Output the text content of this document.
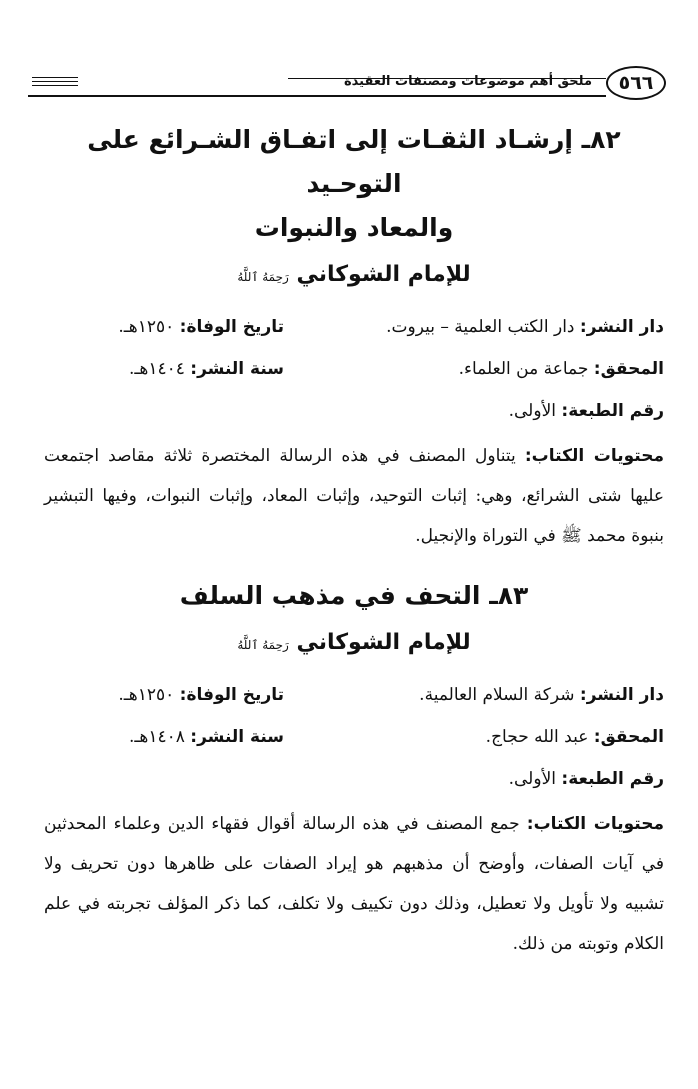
٥٦٦
ملحق أهم موضوعات ومصنفات العقيدة
٨٢ـ إرشـاد الثقـات إلى اتفـاق الشـرائع على التوحـيد
والمعاد والنبوات
للإمام الشوكاني رَحِمَهُ ٱللَّهُ
دار النشر: دار الكتب العلمية – بيروت.
تاريخ الوفاة: ١٢٥٠هـ.
المحقق: جماعة من العلماء.
سنة النشر: ١٤٠٤هـ.
رقم الطبعة: الأولى.

محتويات الكتاب: يتناول المصنف في هذه الرسالة المختصرة ثلاثة مقاصد اجتمعت عليها شتى الشرائع، وهي: إثبات التوحيد، وإثبات المعاد، وإثبات النبوات، وفيها التبشير بنبوة محمد ﷺ في التوراة والإنجيل.

٨٣ـ التحف في مذهب السلف
للإمام الشوكاني رَحِمَهُ ٱللَّهُ
دار النشر: شركة السلام العالمية.
تاريخ الوفاة: ١٢٥٠هـ.
المحقق: عبد الله حجاج.
سنة النشر: ١٤٠٨هـ.
رقم الطبعة: الأولى.

محتويات الكتاب: جمع المصنف في هذه الرسالة أقوال فقهاء الدين وعلماء المحدثين في آيات الصفات، وأوضح أن مذهبهم هو إيراد الصفات على ظاهرها دون تحريف ولا تشبيه ولا تأويل ولا تعطيل، وذلك دون تكييف ولا تكلف، كما ذكر المؤلف تجربته في علم الكلام وتوبته من ذلك.
